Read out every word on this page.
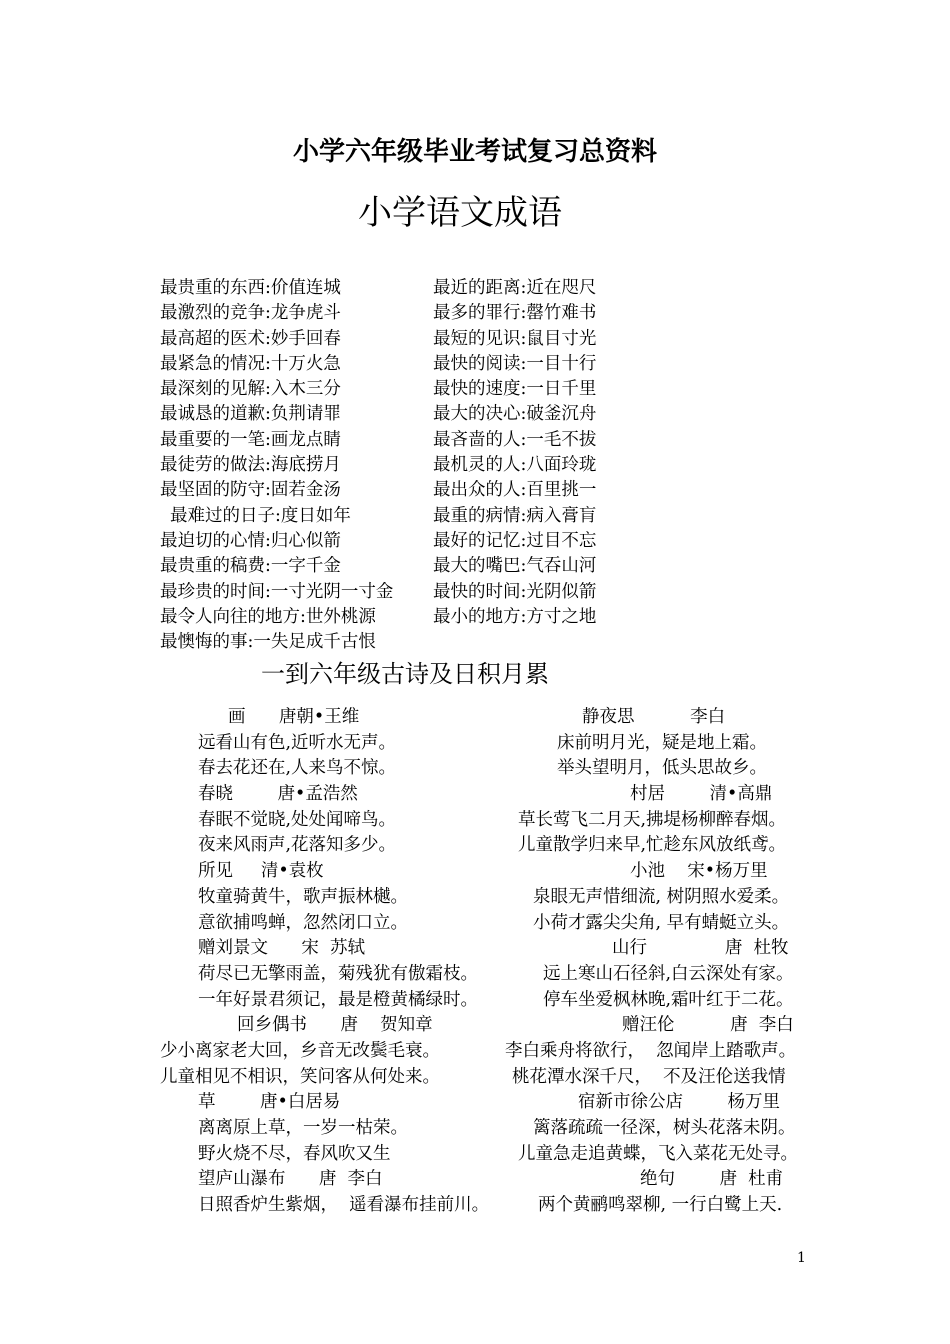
小学六年级毕业考试复习总资料
小学语文成语
最贵重的东西:价值连城	最近的距离:近在咫尺
最激烈的竞争:龙争虎斗	最多的罪行:罄竹难书
最高超的医术:妙手回春	最短的见识:鼠目寸光
最紧急的情况:十万火急	最快的阅读:一目十行
最深刻的见解:入木三分	最快的速度:一日千里
最诚恳的道歉:负荆请罪	最大的决心:破釜沉舟
最重要的一笔:画龙点睛	最吝啬的人:一毛不拔
最徒劳的做法:海底捞月	最机灵的人:八面玲珑
最坚固的防守:固若金汤	最出众的人:百里挑一
最难过的日子:度日如年	最重的病情:病入膏肓
最迫切的心情:归心似箭	最好的记忆:过目不忘
最贵重的稿费:一字千金	最大的嘴巴:气吞山河
最珍贵的时间:一寸光阴一寸金 最快的时间:光阴似箭
最令人向往的地方:世外桃源	最小的地方:方寸之地
最懊悔的事:一失足成千古恨
一到六年级古诗及日积月累
画      唐朝•王维	静夜思          李白
远看山有色,近听水无声。	床前明月光，疑是地上霜。
春去花还在,人来鸟不惊。	举头望明月，低头思故乡。
春晓        唐•孟浩然	村居        清•高鼎
春眠不觉晓,处处闻啼鸟。	草长莺飞二月天,拂堤杨柳醉春烟。
夜来风雨声,花落知多少。	儿童散学归来早,忙趁东风放纸鸢。
所见     清•袁枚	小池    宋•杨万里
牧童骑黄牛，歌声振林樾。	泉眼无声惜细流, 树阴照水爱柔。
意欲捕鸣蝉，忽然闭口立。	小荷才露尖尖角, 早有蜻蜓立头。
赠刘景文      宋  苏轼	山行              唐  杜牧
荷尽已无擎雨盖，菊残犹有傲霜枝。	远上寒山石径斜,白云深处有家。
一年好景君须记，最是橙黄橘绿时。	停车坐爱枫林晚,霜叶红于二花。
回乡偶书      唐    贺知章	赠汪伦          唐  李白
少小离家老大回，乡音无改鬓毛衰。	李白乘舟将欲行，  忽闻岸上踏歌声。
儿童相见不相识，笑问客从何处来。	桃花潭水深千尺，  不及汪伦送我情
草        唐•白居易	宿新市徐公店        杨万里
离离原上草，一岁一枯荣。	篱落疏疏一径深，树头花落未阴。
野火烧不尽，春风吹又生	儿童急走追黄蝶，飞入菜花无处寻。
望庐山瀑布      唐  李白	绝句        唐  杜甫
日照香炉生紫烟，  遥看瀑布挂前川。	两个黄鹂鸣翠柳, 一行白鹭上天.
1
